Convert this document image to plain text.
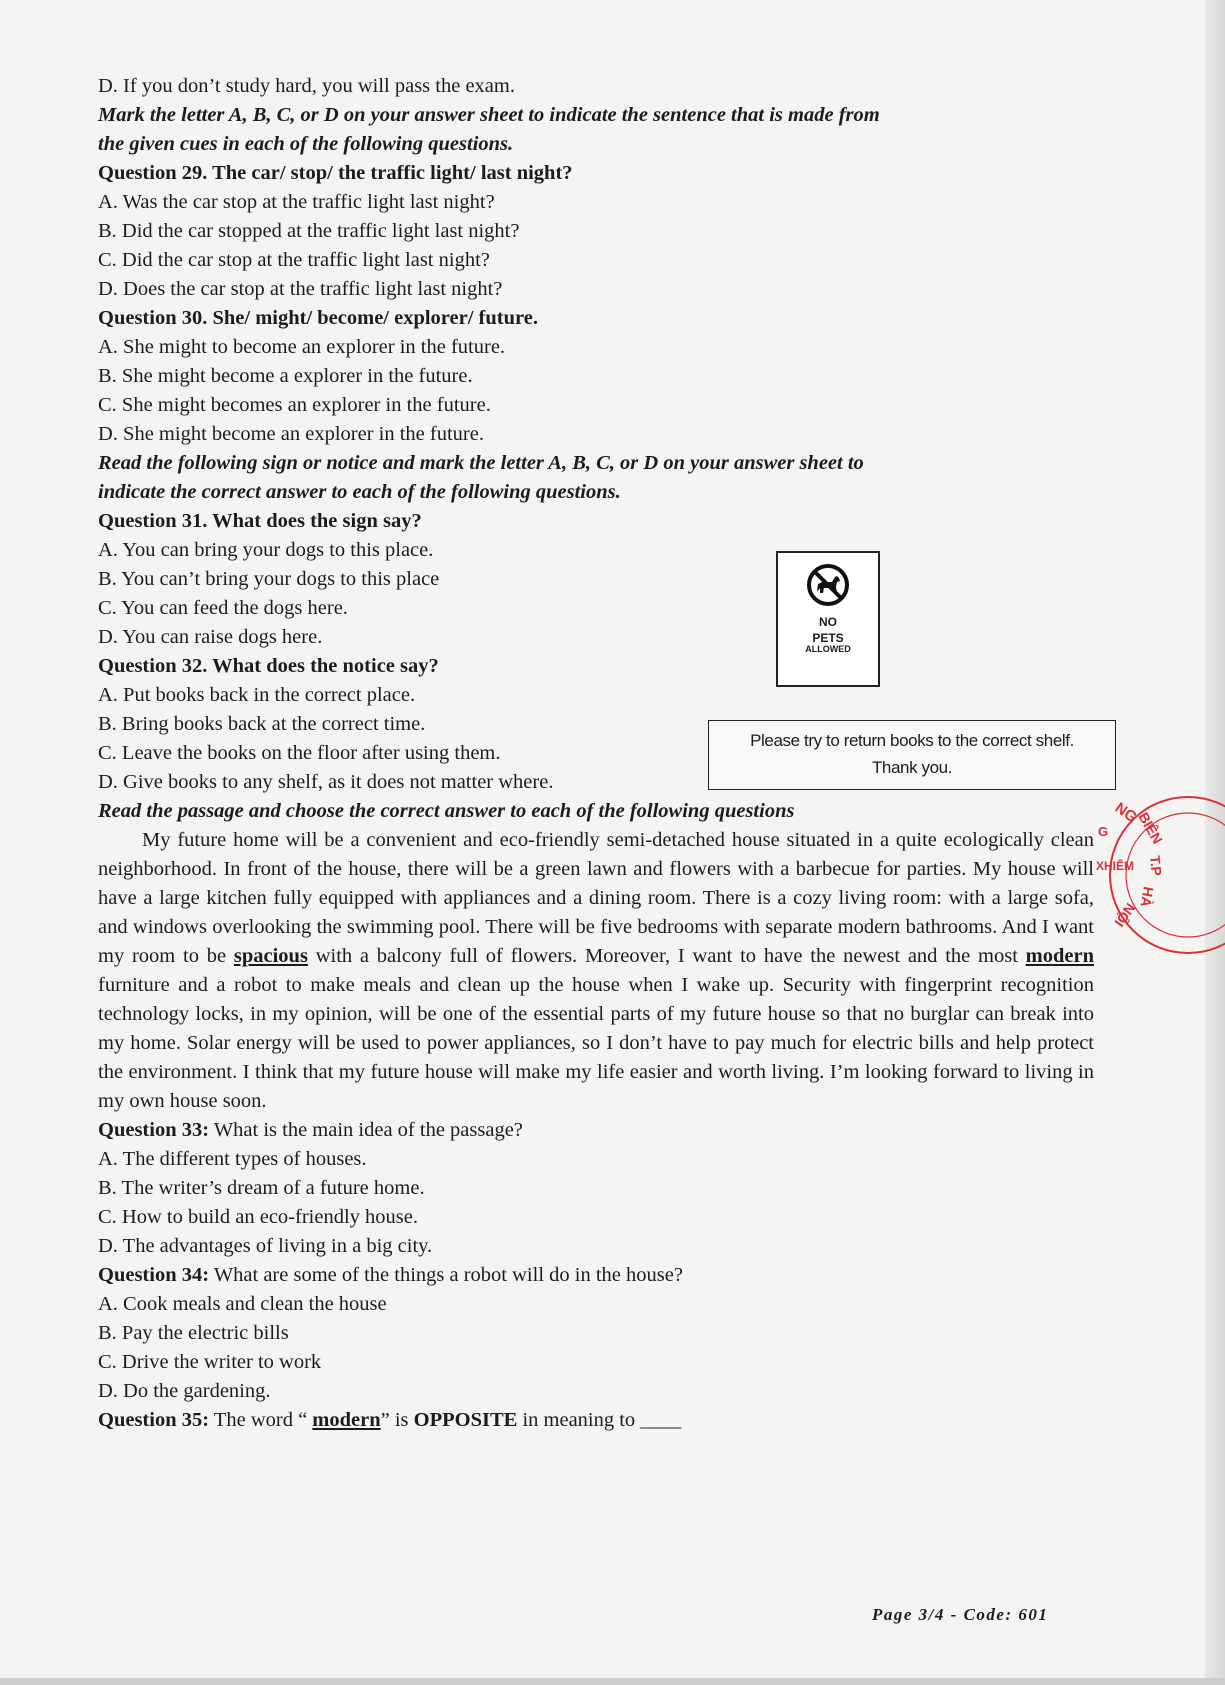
D. If you don’t study hard, you will pass the exam.
Mark the letter A, B, C, or D on your answer sheet to indicate the sentence that is made from
the given cues in each of the following questions.
Question 29. The car/ stop/ the traffic light/ last night?
A. Was the car stop at the traffic light last night?
B. Did the car stopped at the traffic light last night?
C. Did the car stop at the traffic light last night?
D. Does the car stop at the traffic light last night?
Question 30. She/ might/ become/ explorer/ future.
A. She might to become an explorer in the future.
B. She might become a explorer in the future.
C. She might becomes an explorer in the future.
D. She might become an explorer in the future.
Read the following sign or notice and mark the letter A, B, C, or D on your answer sheet to
indicate the correct answer to each of the following questions.
Question 31. What does the sign say?
A. You can bring your dogs to this place.
B. You can’t bring your dogs to this place
C. You can feed the dogs here.
D. You can raise dogs here.
Question 32. What does the notice say?
A. Put books back in the correct place.
B. Bring books back at the correct time.
C. Leave the books on the floor after using them.
D. Give books to any shelf, as it does not matter where.
Read the passage and choose the correct answer to each of the following questions
My future home will be a convenient and eco-friendly semi-detached house situated in a quite ecologically clean neighborhood. In front of the house, there will be a green lawn and flowers with a barbecue for parties. My house will have a large kitchen fully equipped with appliances and a dining room. There is a cozy living room: with a large sofa, and windows overlooking the swimming pool. There will be five bedrooms with separate modern bathrooms. And I want my room to be spacious with a balcony full of flowers. Moreover, I want to have the newest and the most modern furniture and a robot to make meals and clean up the house when I wake up. Security with fingerprint recognition technology locks, in my opinion, will be one of the essential parts of my future house so that no burglar can break into my home. Solar energy will be used to power appliances, so I don’t have to pay much for electric bills and help protect the environment. I think that my future house will make my life easier and worth living. I’m looking forward to living in my own house soon.
Question 33: What is the main idea of the passage?
A. The different types of houses.
B. The writer’s dream of a future home.
C. How to build an eco-friendly house.
D. The advantages of living in a big city.
Question 34: What are some of the things a robot will do in the house?
A. Cook meals and clean the house
B. Pay the electric bills
C. Drive the writer to work
D. Do the gardening.
Question 35: The word “ modern” is OPPOSITE in meaning to ____
NO
PETS
ALLOWED
Please try to return books to the correct shelf.
Thank you.
NG
BIÊN
T.P
HÀ
NỘI
XHIÊM
G
Page 3/4 - Code: 601
